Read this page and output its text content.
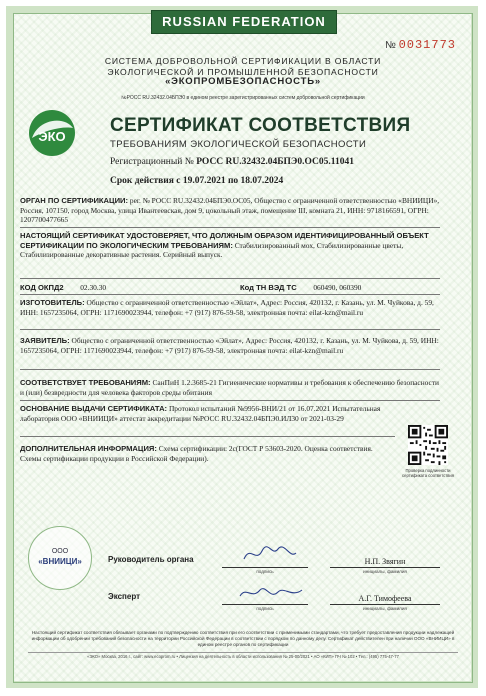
RUSSIAN FEDERATION
№ 0031773
СИСТЕМА ДОБРОВОЛЬНОЙ СЕРТИФИКАЦИИ В ОБЛАСТИ
ЭКОЛОГИЧЕСКОЙ И ПРОМЫШЛЕННОЙ БЕЗОПАСНОСТИ
«ЭКОПРОМБЕЗОПАСНОСТЬ»
№РОСС RU.32432.04БПЭ0 в едином реестре зарегистрированных систем добровольной сертификации
ЭКО
СЕРТИФИКАТ СООТВЕТСТВИЯ
ТРЕБОВАНИЯМ ЭКОЛОГИЧЕСКОЙ БЕЗОПАСНОСТИ
Регистрационный № РОСС RU.32432.04БПЭ0.ОС05.11041
Срок действия с 19.07.2021 по 18.07.2024
ОРГАН ПО СЕРТИФИКАЦИИ: рег. № РОСС RU.32432.04БПЭ0.ОС05, Общество с ограниченной ответственностью «ВНИИЦИ», Россия, 107150, город Москва, улица Ивантеевская, дом 9, цокольный этаж, помещение III, комната 21, ИНН: 9718166591, ОГРН: 1207700477665
НАСТОЯЩИЙ СЕРТИФИКАТ УДОСТОВЕРЯЕТ, ЧТО ДОЛЖНЫМ ОБРАЗОМ ИДЕНТИФИЦИРОВАННЫЙ ОБЪЕКТ СЕРТИФИКАЦИИ ПО ЭКОЛОГИЧЕСКИМ ТРЕБОВАНИЯМ: Стабилизированный мох, Стабилизированные цветы, Стабилизированные декоративные растения. Серийный выпуск.
КОД ОКПД2 02.30.30	Код ТН ВЭД ТС 060490, 060390
ИЗГОТОВИТЕЛЬ: Общество с ограниченной ответственностью «Эйлат», Адрес: Россия, 420132, г. Казань, ул. М. Чуйкова, д. 59, ИНН: 1657235064, ОГРН: 1171690023944, телефон: +7 (917) 876-59-58, электронная почта: eilat-kzn@mail.ru
ЗАЯВИТЕЛЬ: Общество с ограниченной ответственностью «Эйлат», Адрес: Россия, 420132, г. Казань, ул. М. Чуйкова, д. 59, ИНН: 1657235064, ОГРН: 1171690023944, телефон: +7 (917) 876-59-58, электронная почта: eilat-kzn@mail.ru
СООТВЕТСТВУЕТ ТРЕБОВАНИЯМ: СанПиН 1.2.3685-21 Гигиенические нормативы и требования к обеспечению безопасности и (или) безвредности для человека факторов среды обитания
ОСНОВАНИЕ ВЫДАЧИ СЕРТИФИКАТА: Протокол испытаний №9956-ВНИ/21 от 16.07.2021 Испытательная лаборатория ООО «ВНИИЦИ» аттестат аккредитации №РОСС RU.32432.04БПЭ0.ИЛ30 от 2021-03-29
ДОПОЛНИТЕЛЬНАЯ ИНФОРМАЦИЯ: Схема сертификации: 2с(ГОСТ Р 53603-2020. Оценка соответствия. Схемы сертификации продукции в Российской Федерации).
Проверка подлинности сертификата соответствия
ООО
«ВНИИЦИ»	Руководитель органа
подпись
Н.П. Звягин
инициалы, фамилия
Эксперт
подпись
А.Г. Тимофеева
инициалы, фамилия
Настоящий сертификат соответствия обязывает органами по подтверждению соответствия при его соответствии с применимыми стандартами, что требует предоставления продукции надлежащей информации об одобрении требований безопасности на территории Российской Федерации в соответствии с порядком по данному делу. Сертификат действителен при наличии ООО «ВНИИЦИ» в едином реестре органов по сертификации
«ЭКО» Москва, 2016 г., сайт: www.ecoprom.ru • Лицензия на деятельность в области использования № 25-00/2021 • АО «КИП» ПЧ № 102 • Тел.: (495) 775-47-77
